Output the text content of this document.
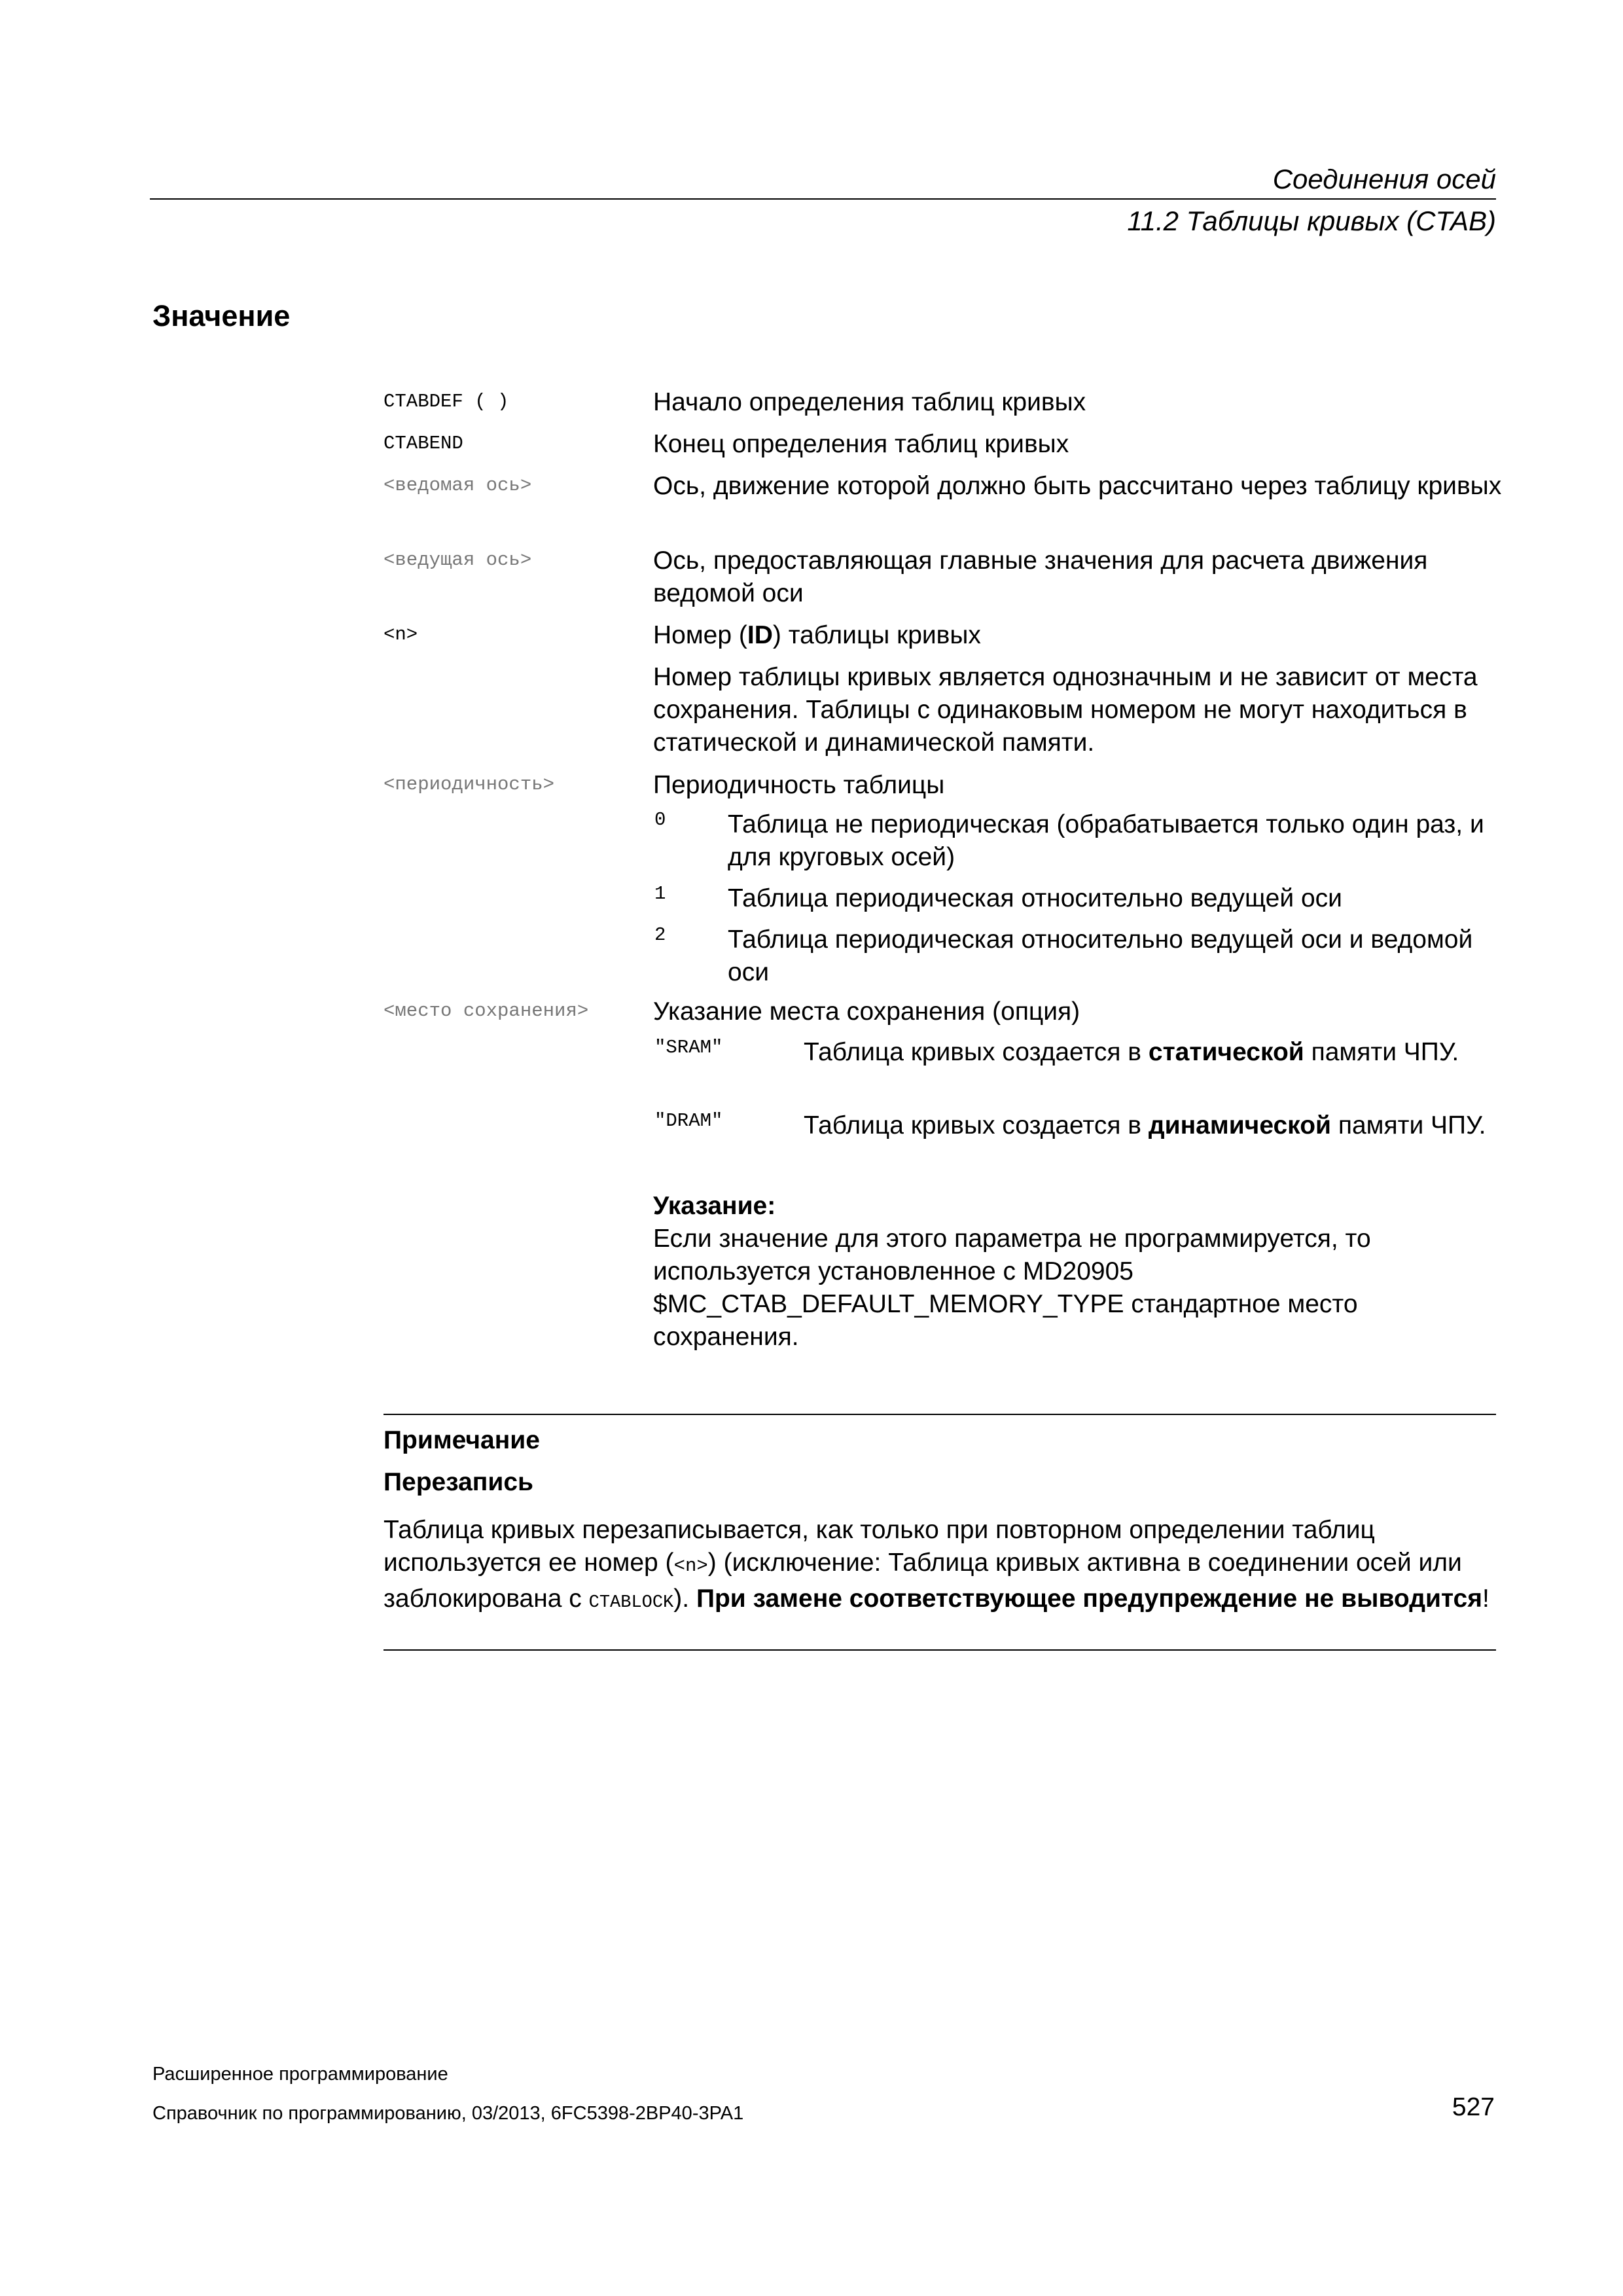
Соединения осей
11.2 Таблицы кривых (CTAB)
Значение
CTABDEF ( )	Начало определения таблиц кривых
CTABEND	Конец определения таблиц кривых
<ведомая ось>	Ось, движение которой должно быть рассчитано через таблицу кривых
<ведущая ось>	Ось, предоставляющая главные значения для расчета движения ведомой оси
<n>	Номер (ID) таблицы кривых
Номер таблицы кривых является однозначным и не зависит от места сохранения. Таблицы с одинаковым номером не могут находиться в статической и динамической памяти.
<периодичность>	Периодичность таблицы
0 Таблица не периодическая (обрабатывается только один раз, и для круговых осей)
1 Таблица периодическая относительно ведущей оси
2 Таблица периодическая относительно ведущей оси и ведомой оси
<место сохранения>	Указание места сохранения (опция)
"SRAM"	Таблица кривых создается в статической памяти ЧПУ.
"DRAM"	Таблица кривых создается в динамической памяти ЧПУ.
Указание:
Если значение для этого параметра не программируется, то используется установленное с MD20905 $MC_CTAB_DEFAULT_MEMORY_TYPE стандартное место сохранения.
Примечание
Перезапись
Таблица кривых перезаписывается, как только при повторном определении таблиц используется ее номер (<n>) (исключение: Таблица кривых активна в соединении осей или заблокирована с CTABLOCK). При замене соответствующее предупреждение не выводится!
Расширенное программирование
Справочник по программированию, 03/2013, 6FC5398-2BP40-3PA1	527
